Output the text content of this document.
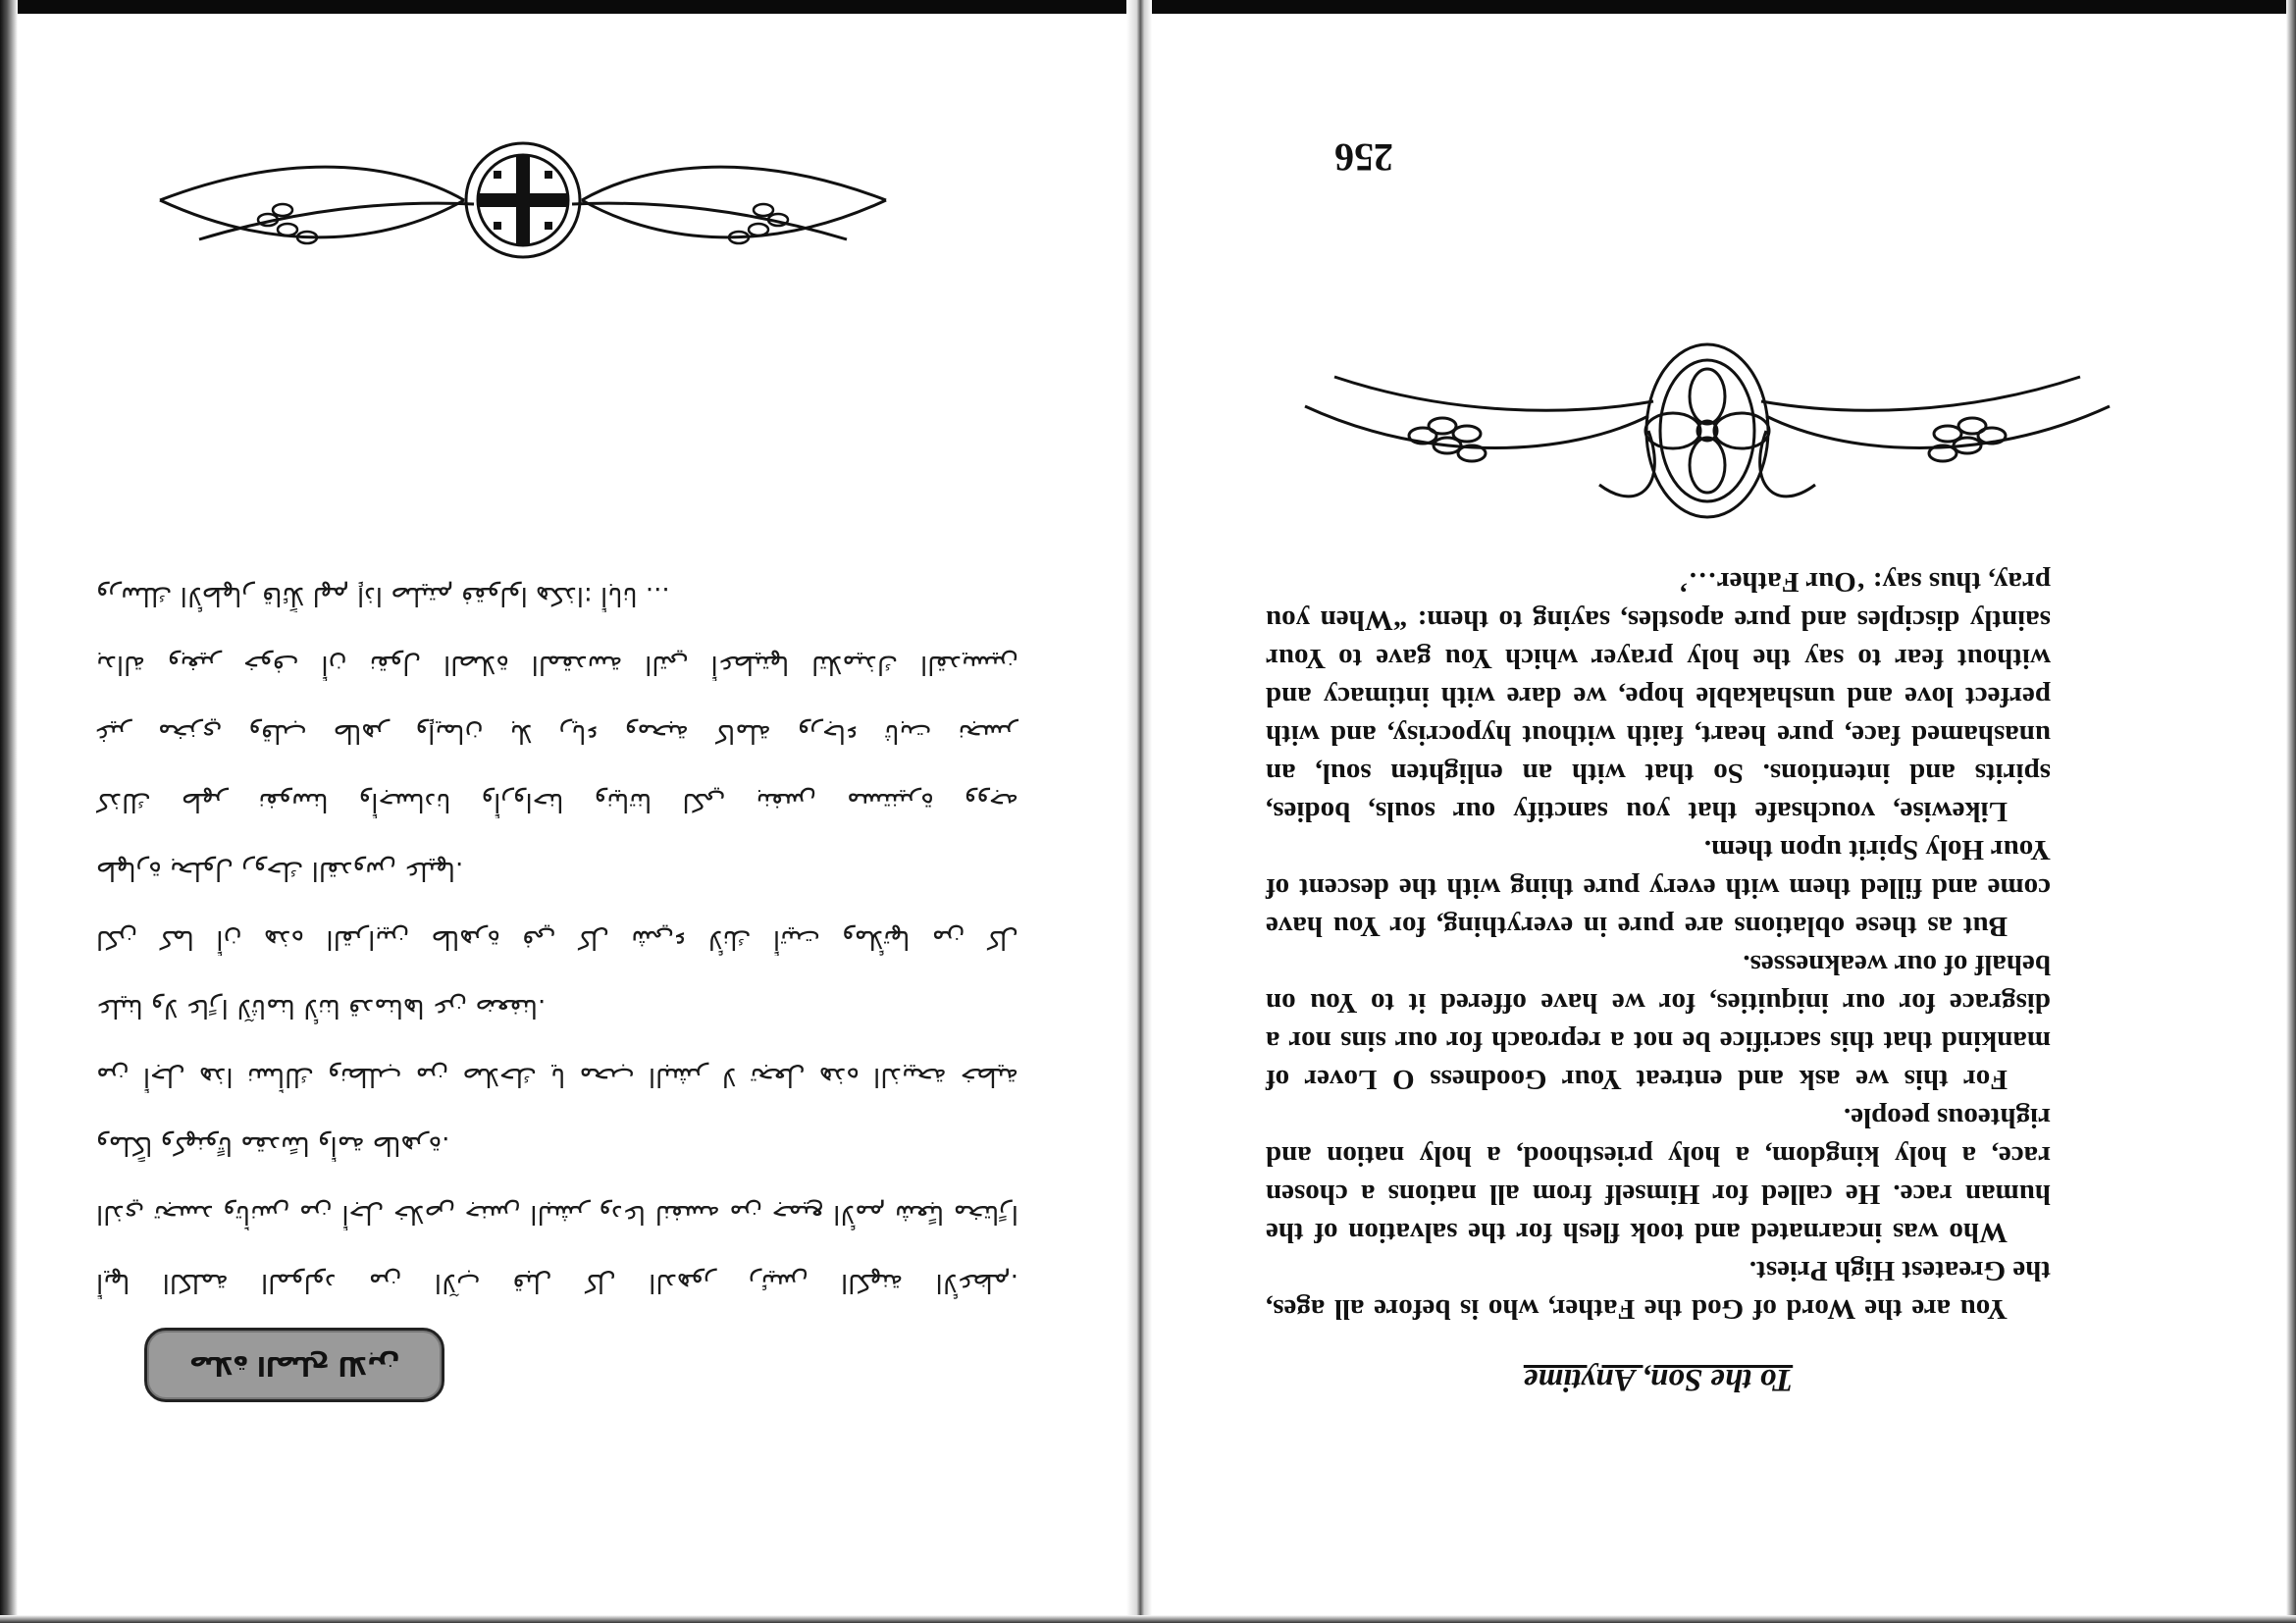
أيها الكلمة المولود من الآب قبل كل الدهور رئيس الكهنة الأعظم.

الذي تجسد وتأنس من أجل خلاص جنس البشر ودعا لنفسه من جميع الأمم شعبًا مختارًا

وملكًا وكهنوتًا مقدسًا وأمة طاهرة.

من أجل هذا نسألك ونطلب من صلاحك يا محب البشر لا تجعل هذه الذبيحة خطية

علينا ولا عارًا لآثامنا لأننا قدمناها عن ضعفنا.

لكن كما أن هذه القرابين طاهرة في كل شيء لأنك أتيت وملأتها من كل

طهارة بحلول روحك القدوس عليها.

كذلك طهر نفوسنا وأجسادنا وأرواحنا ونياتنا لكي بنفس مستنيرة ووجه

غير مخزي وقلب طاهر وإيمان بلا رياء ومحبة كاملة ورجاء ثابت نجسر

بدالة وبغير خوف أن نقول الصلاة المقدسة التي أعطيتها لتلاميذك القديسين

ورسلك الأطهار قائلًا لهم إذا صليتم فقولوا هكذا: أبانا ...

صلاة الصلح للابن	To the Son, Anytime

You are the Word of God the Father, who is before all ages, the Greatest High Priest.

Who was incarnated and took flesh for the salvation of the human race. He called for Himself from all nations a chosen race, a holy kingdom, a holy priesthood, a holy nation and righteous people.

For this we ask and entreat Your Goodness O Lover of mankind that this sacrifice be not a reproach for our sins nor a disgrace for our iniquities, for we have offered it to You on behalf of our weaknesses.

But as these oblations are pure in everything, for You have come and filled them with every pure thing with the descent of Your Holy Spirit upon them.

Likewise, vouchsafe that you sanctify our souls, bodies, spirits and intentions. So that with an enlighten soul, an unashamed face, pure heart, faith without hypocrisy, and with perfect love and unshakable hope, we dare with intimacy and without fear to say the holy prayer which You gave to Your saintly disciples and pure apostles, saying to them: “When you pray, thus say: ‘Our Father…’

256
